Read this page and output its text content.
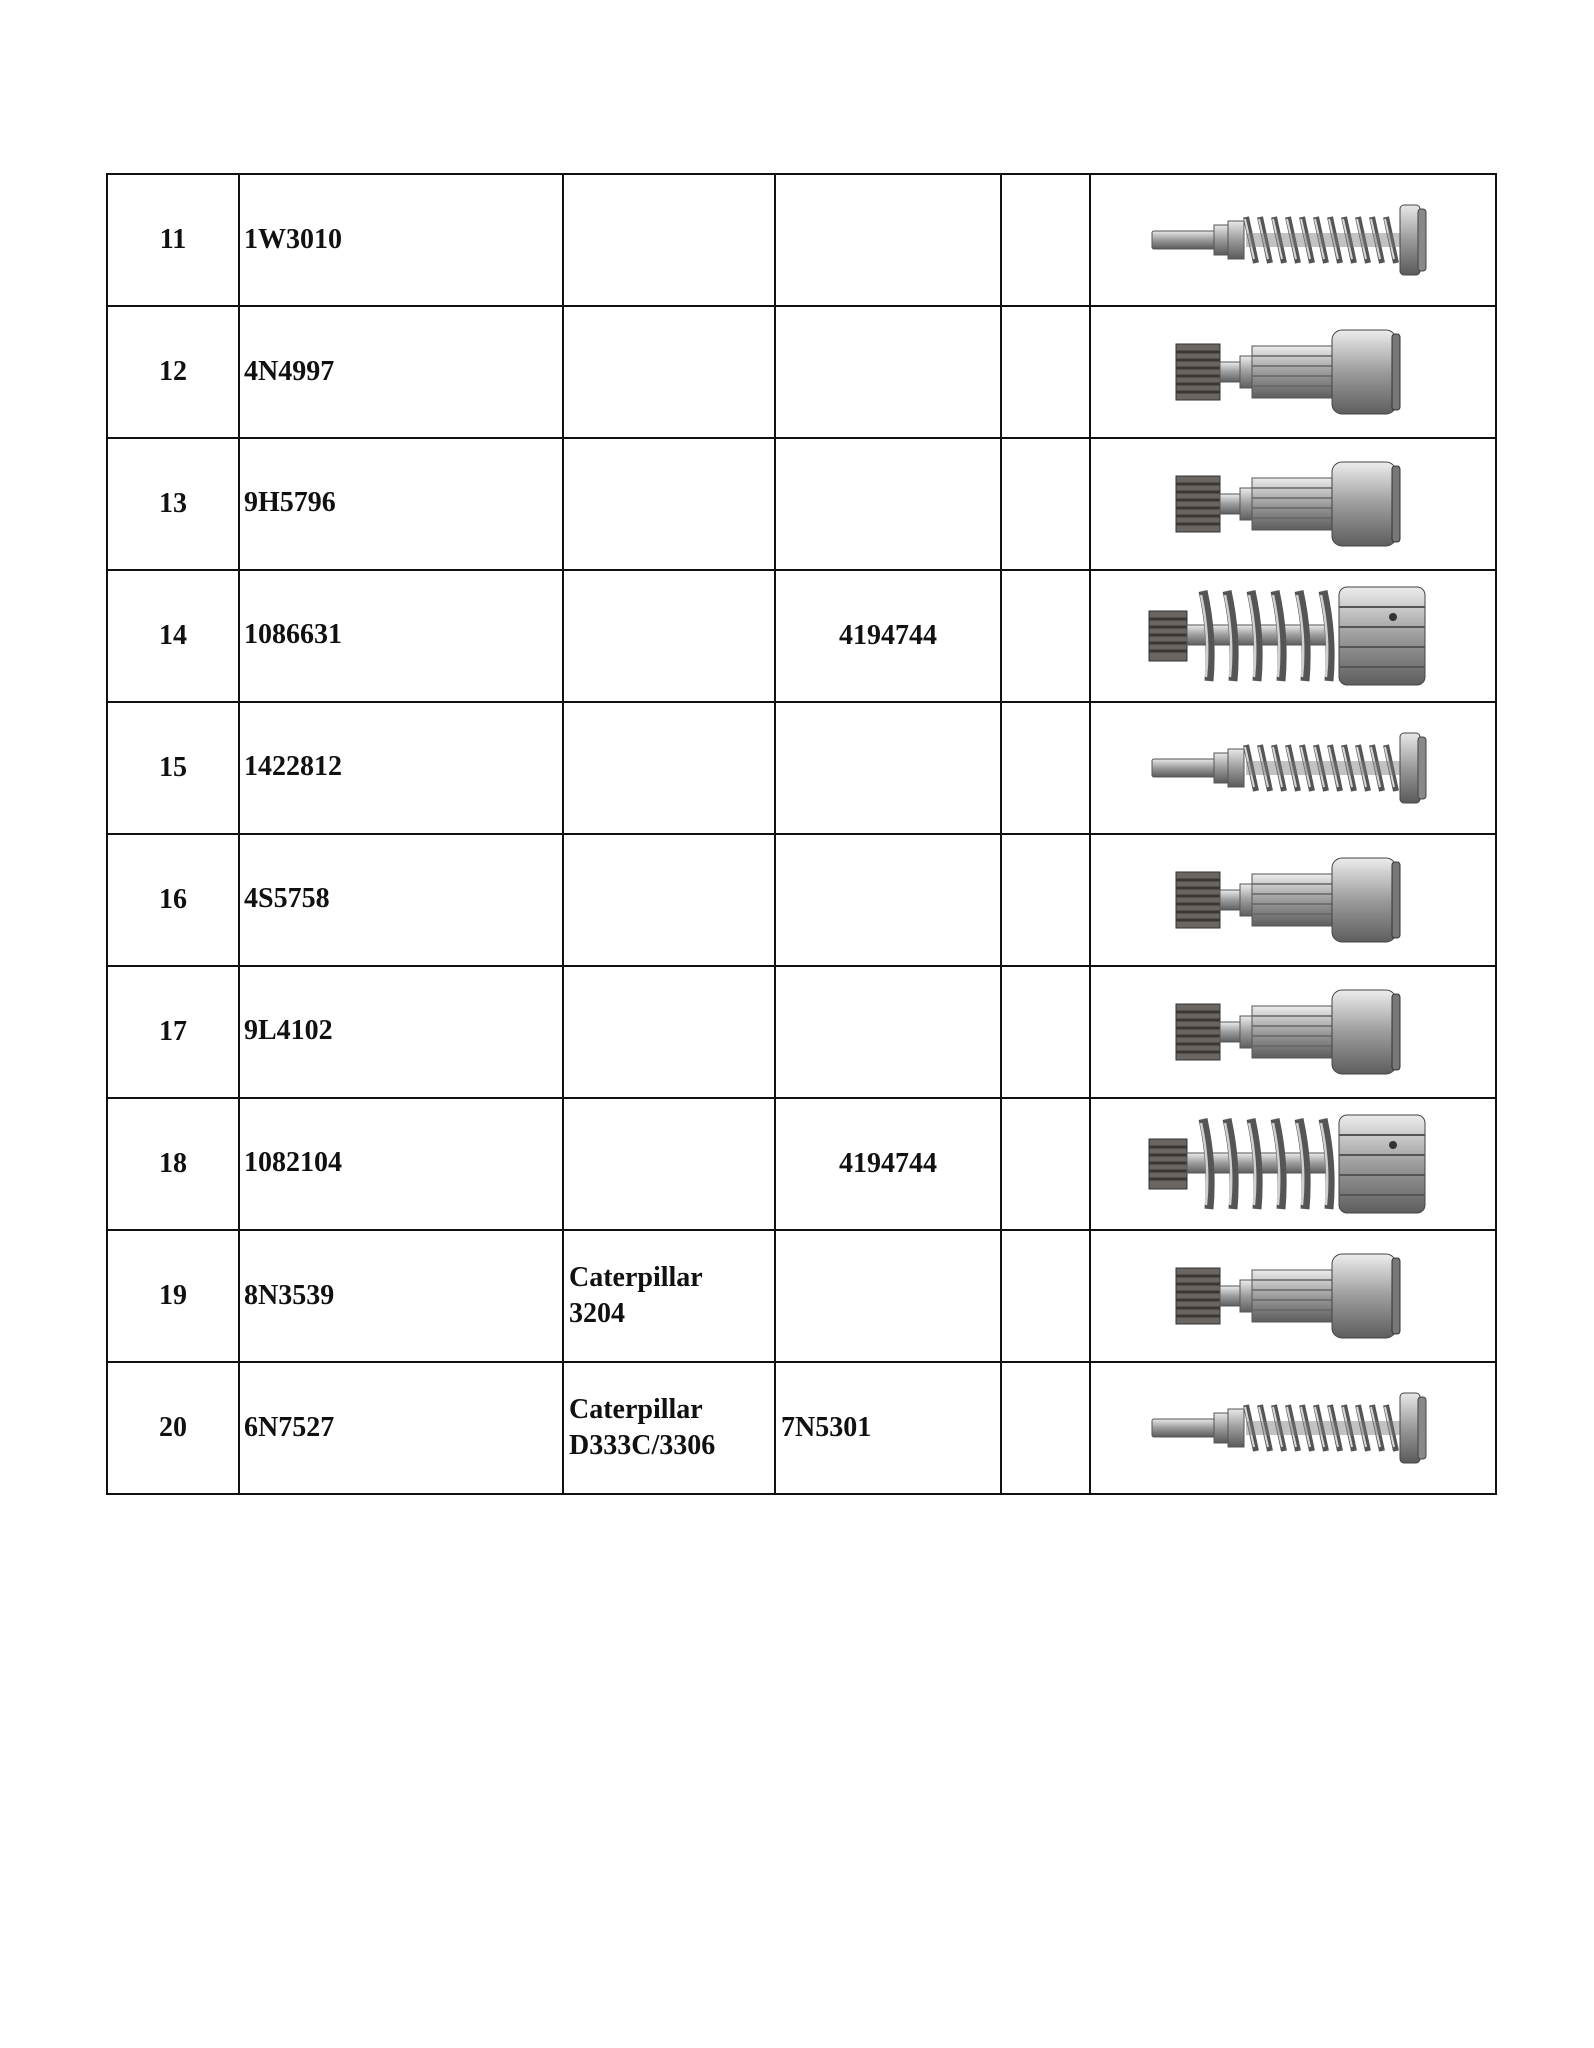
11	1W3010				

12	4N4997				

13	9H5796				

14	1086631		4194744		

15	1422812				

16	4S5758				

17	9L4102				

18	1082104		4194744		

19	8N3539	Caterpillar
3204			

20	6N7527	Caterpillar
D333C/3306	7N5301		
